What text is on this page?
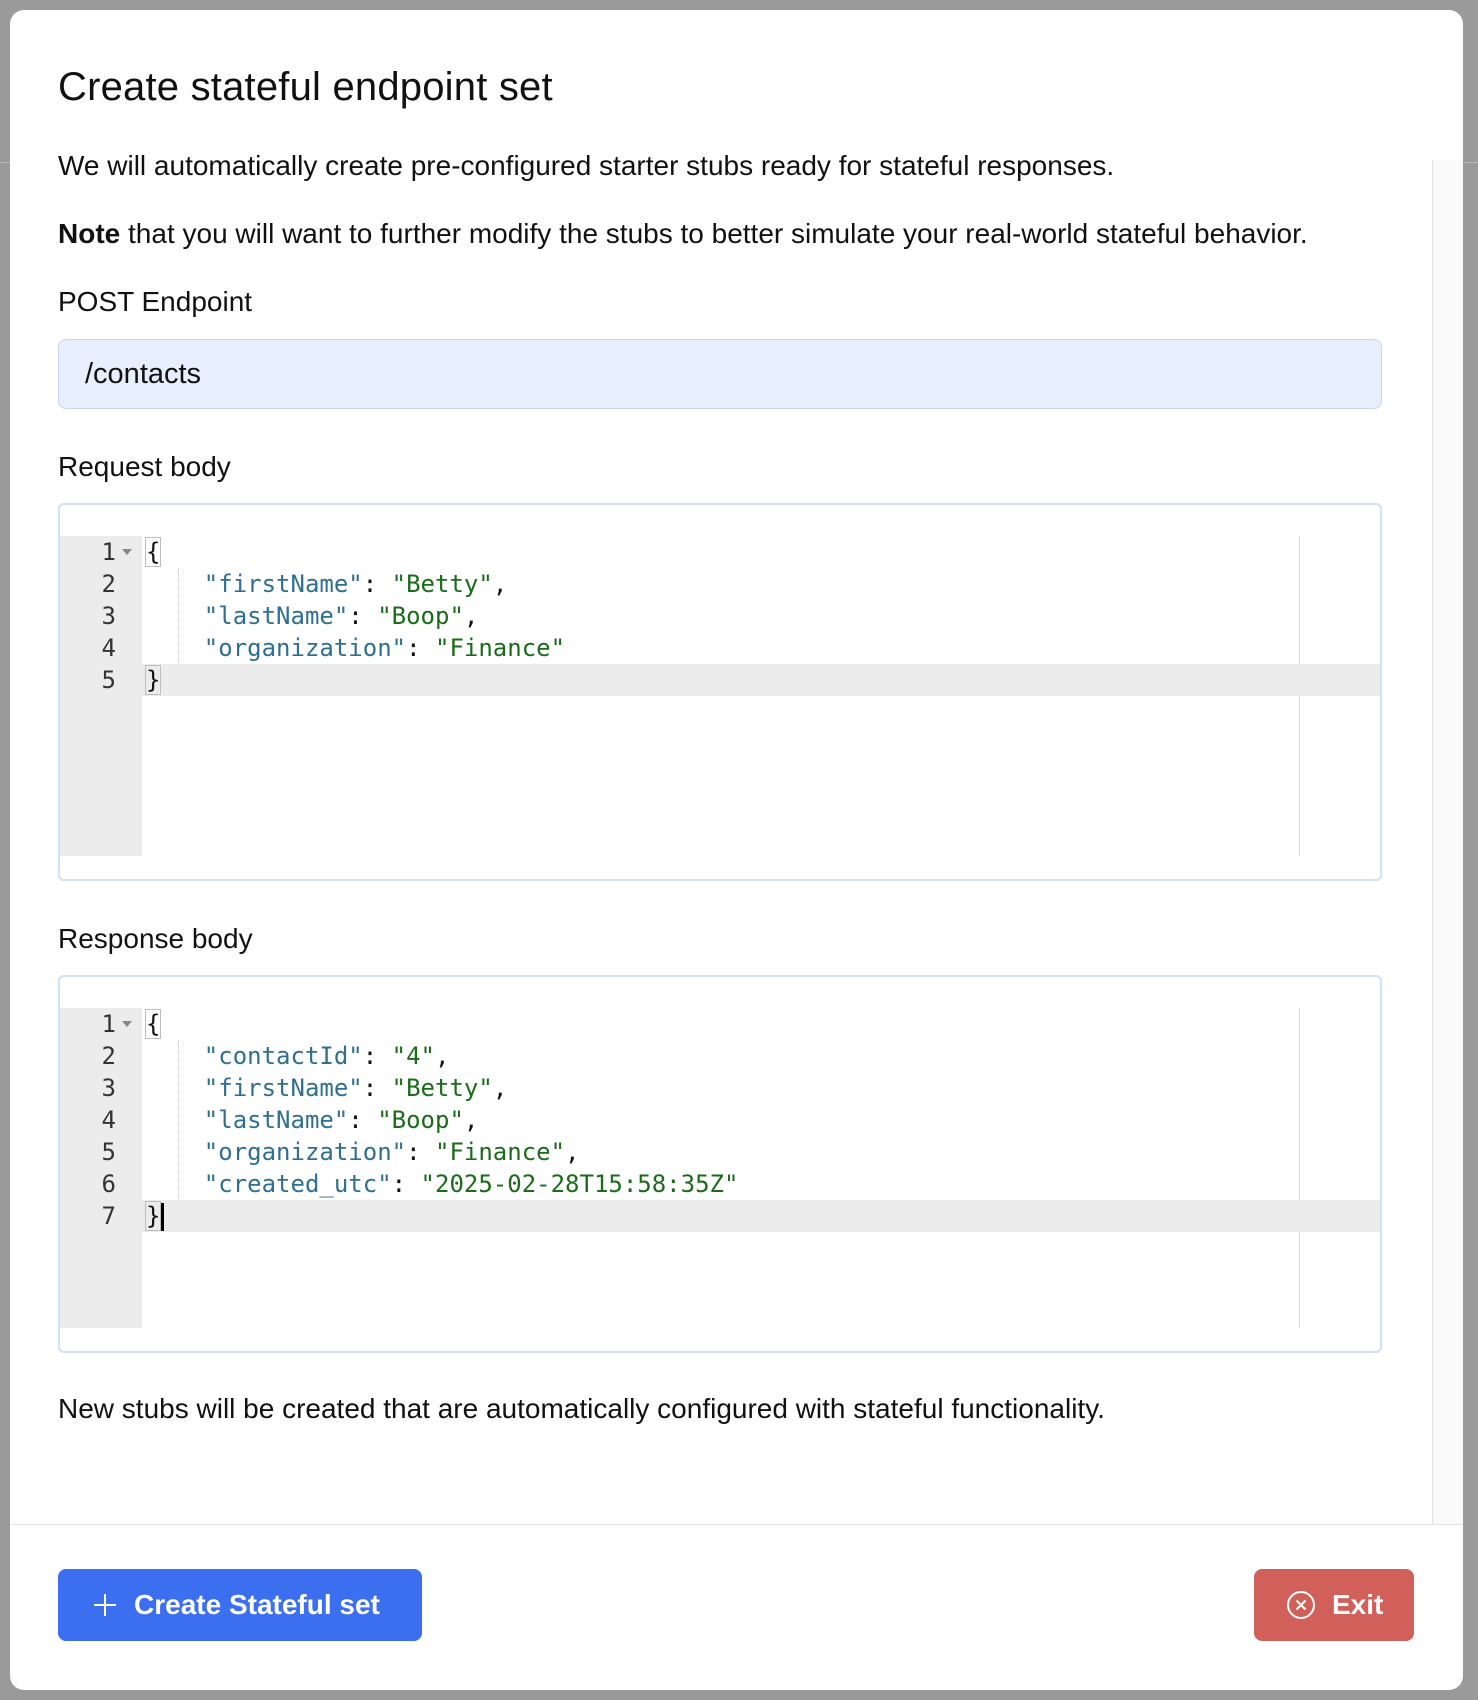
Create stateful endpoint set

We will automatically create pre-configured starter stubs ready for stateful responses.

Note that you will want to further modify the stubs to better simulate your real-world stateful behavior.

POST Endpoint
/contacts
Request body
1 {
2	"firstName": "Betty",
3	"lastName": "Boop",
4	"organization": "Finance"
5 }
Response body
1 {
2	"contactId": "4",
3	"firstName": "Betty",
4	"lastName": "Boop",
5	"organization": "Finance",
6	"created_utc": "2025-02-28T15:58:35Z"
7 }

New stubs will be created that are automatically configured with stateful functionality.

Create Stateful set	Exit
